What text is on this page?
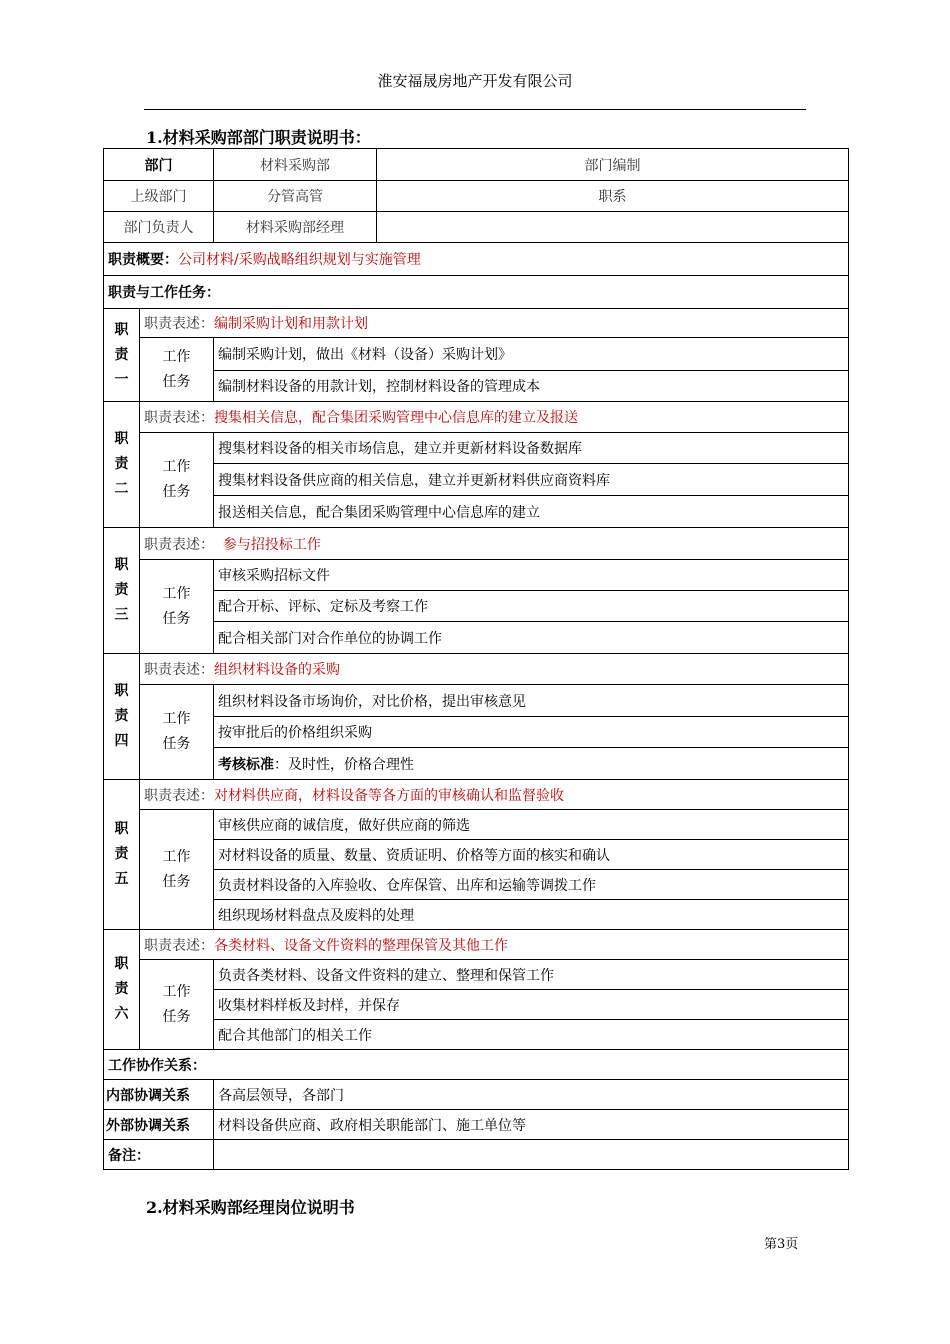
淮安福晟房地产开发有限公司
1.材料采购部部门职责说明书：
部门		材料采购部	部门编制
上级部门		分管高管	职系
部门负责人		材料采购部经理	
职责概要：公司材料/采购战略组织规划与实施管理			
职责与工作任务：			

职
责
一	职责表述：编制采购计划和用款计划		

	工作
任务	编制采购计划，做出《材料（设备）采购计划》	
		编制材料设备的用款计划，控制材料设备的管理成本	

职
责
二	职责表述：搜集相关信息，配合集团采购管理中心信息库的建立及报送		

	工作
任务	搜集材料设备的相关市场信息，建立并更新材料设备数据库	
		搜集材料设备供应商的相关信息，建立并更新材料供应商资料库	
		报送相关信息，配合集团采购管理中心信息库的建立	

职
责
三	职责表述： 参与招投标工作		

	工作
任务	审核采购招标文件	
		配合开标、评标、定标及考察工作	
		配合相关部门对合作单位的协调工作	

职
责
四	职责表述：组织材料设备的采购		

	工作
任务	组织材料设备市场询价，对比价格，提出审核意见	
		按审批后的价格组织采购	
		考核标准：及时性，价格合理性	

职
责
五	职责表述：对材料供应商，材料设备等各方面的审核确认和监督验收		

	工作
任务	审核供应商的诚信度，做好供应商的筛选	
		对材料设备的质量、数量、资质证明、价格等方面的核实和确认	
		负责材料设备的入库验收、仓库保管、出库和运输等调拨工作	
		组织现场材料盘点及废料的处理	

职
责
六	职责表述：各类材料、设备文件资料的整理保管及其他工作		

	工作
任务	负责各类材料、设备文件资料的建立、整理和保管工作	
		收集材料样板及封样，并保存	
		配合其他部门的相关工作	
工作协作关系：			
内部协调关系		各高层领导，各部门	
外部协调关系		材料设备供应商、政府相关职能部门、施工单位等	
备注：			
2.材料采购部经理岗位说明书
第3页
